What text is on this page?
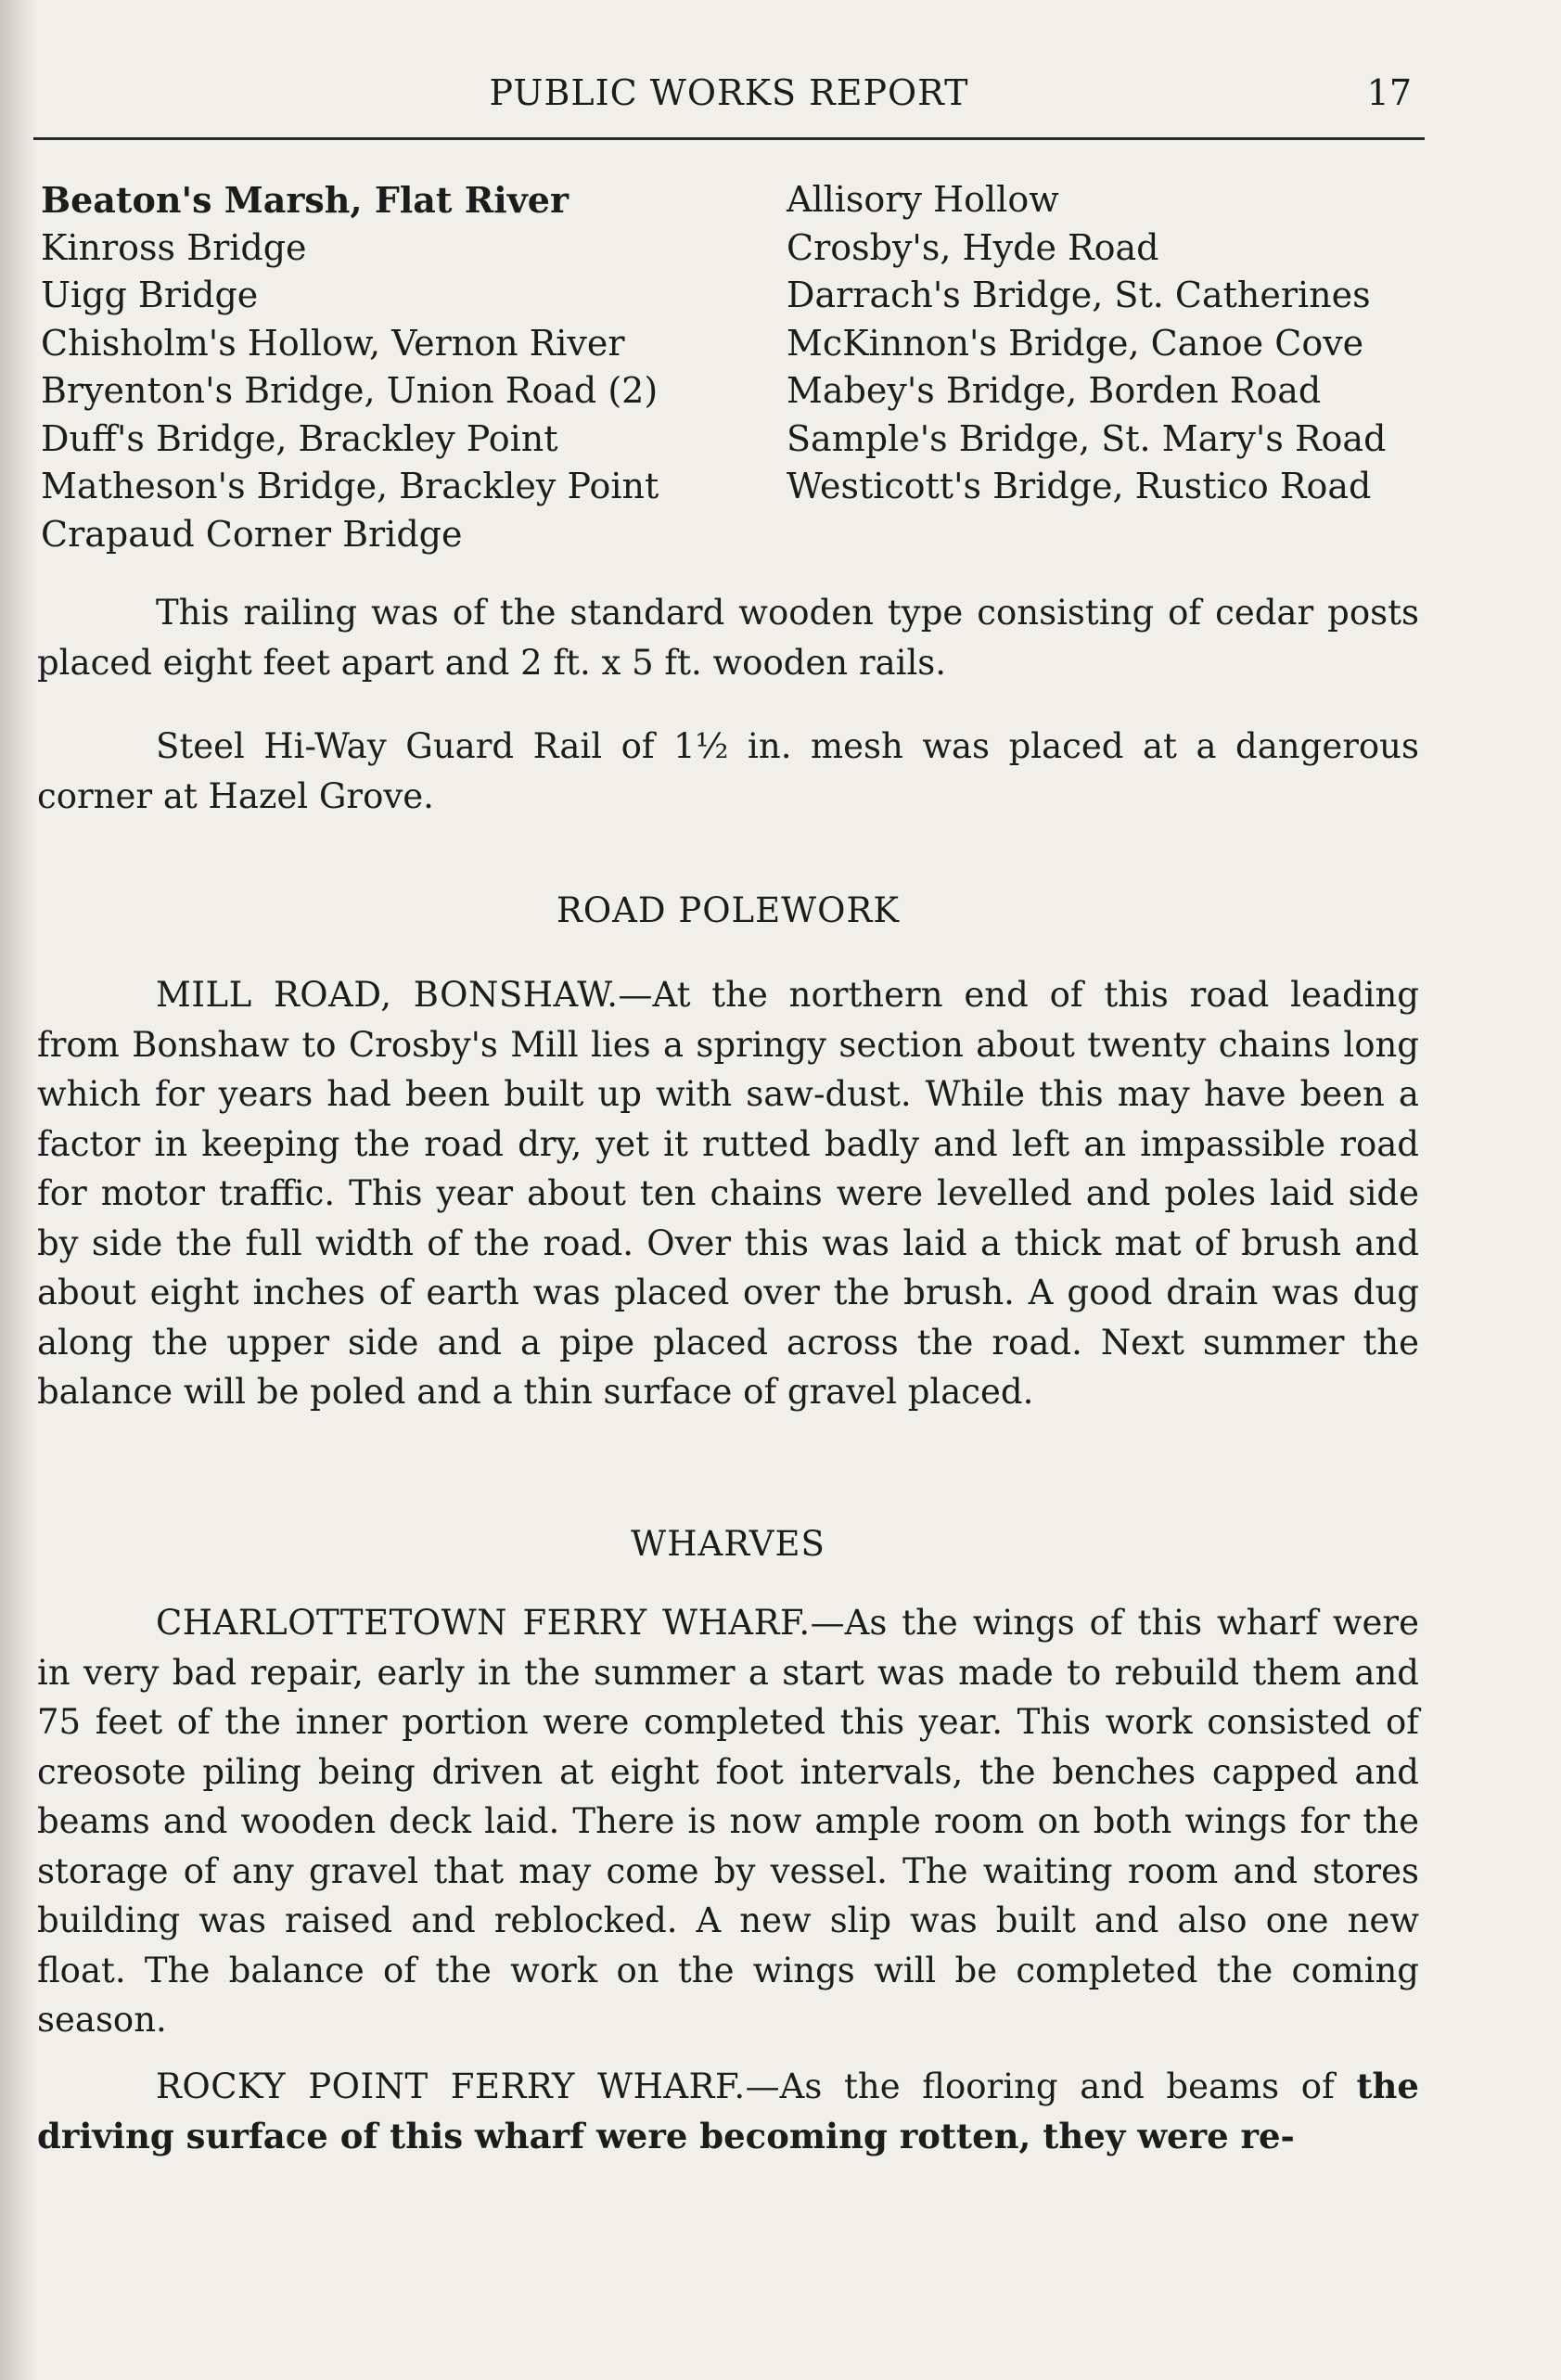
PUBLIC WORKS REPORT	17
Beaton's Marsh, Flat River
Kinross Bridge
Uigg Bridge
Chisholm's Hollow, Vernon River
Bryenton's Bridge, Union Road (2)
Duff's Bridge, Brackley Point
Matheson's Bridge, Brackley Point
Crapaud Corner Bridge
Allisory Hollow
Crosby's, Hyde Road
Darrach's Bridge, St. Catherines
McKinnon's Bridge, Canoe Cove
Mabey's Bridge, Borden Road
Sample's Bridge, St. Mary's Road
Westicott's Bridge, Rustico Road

This railing was of the standard wooden type consisting of cedar posts placed eight feet apart and 2 ft. x 5 ft. wooden rails.

Steel Hi-Way Guard Rail of 1½ in. mesh was placed at a dangerous corner at Hazel Grove.

ROAD POLEWORK

MILL ROAD, BONSHAW.—At the northern end of this road leading from Bonshaw to Crosby's Mill lies a springy section about twenty chains long which for years had been built up with saw-dust. While this may have been a factor in keeping the road dry, yet it rutted badly and left an impassible road for motor traffic. This year about ten chains were levelled and poles laid side by side the full width of the road. Over this was laid a thick mat of brush and about eight inches of earth was placed over the brush. A good drain was dug along the upper side and a pipe placed across the road. Next summer the balance will be poled and a thin surface of gravel placed.

WHARVES

CHARLOTTETOWN FERRY WHARF.—As the wings of this wharf were in very bad repair, early in the summer a start was made to rebuild them and 75 feet of the inner portion were completed this year. This work consisted of creosote piling being driven at eight foot intervals, the benches capped and beams and wooden deck laid. There is now ample room on both wings for the storage of any gravel that may come by vessel. The waiting room and stores building was raised and reblocked. A new slip was built and also one new float. The balance of the work on the wings will be completed the coming season.

ROCKY POINT FERRY WHARF.—As the flooring and beams of the driving surface of this wharf were becoming rotten, they were re-
